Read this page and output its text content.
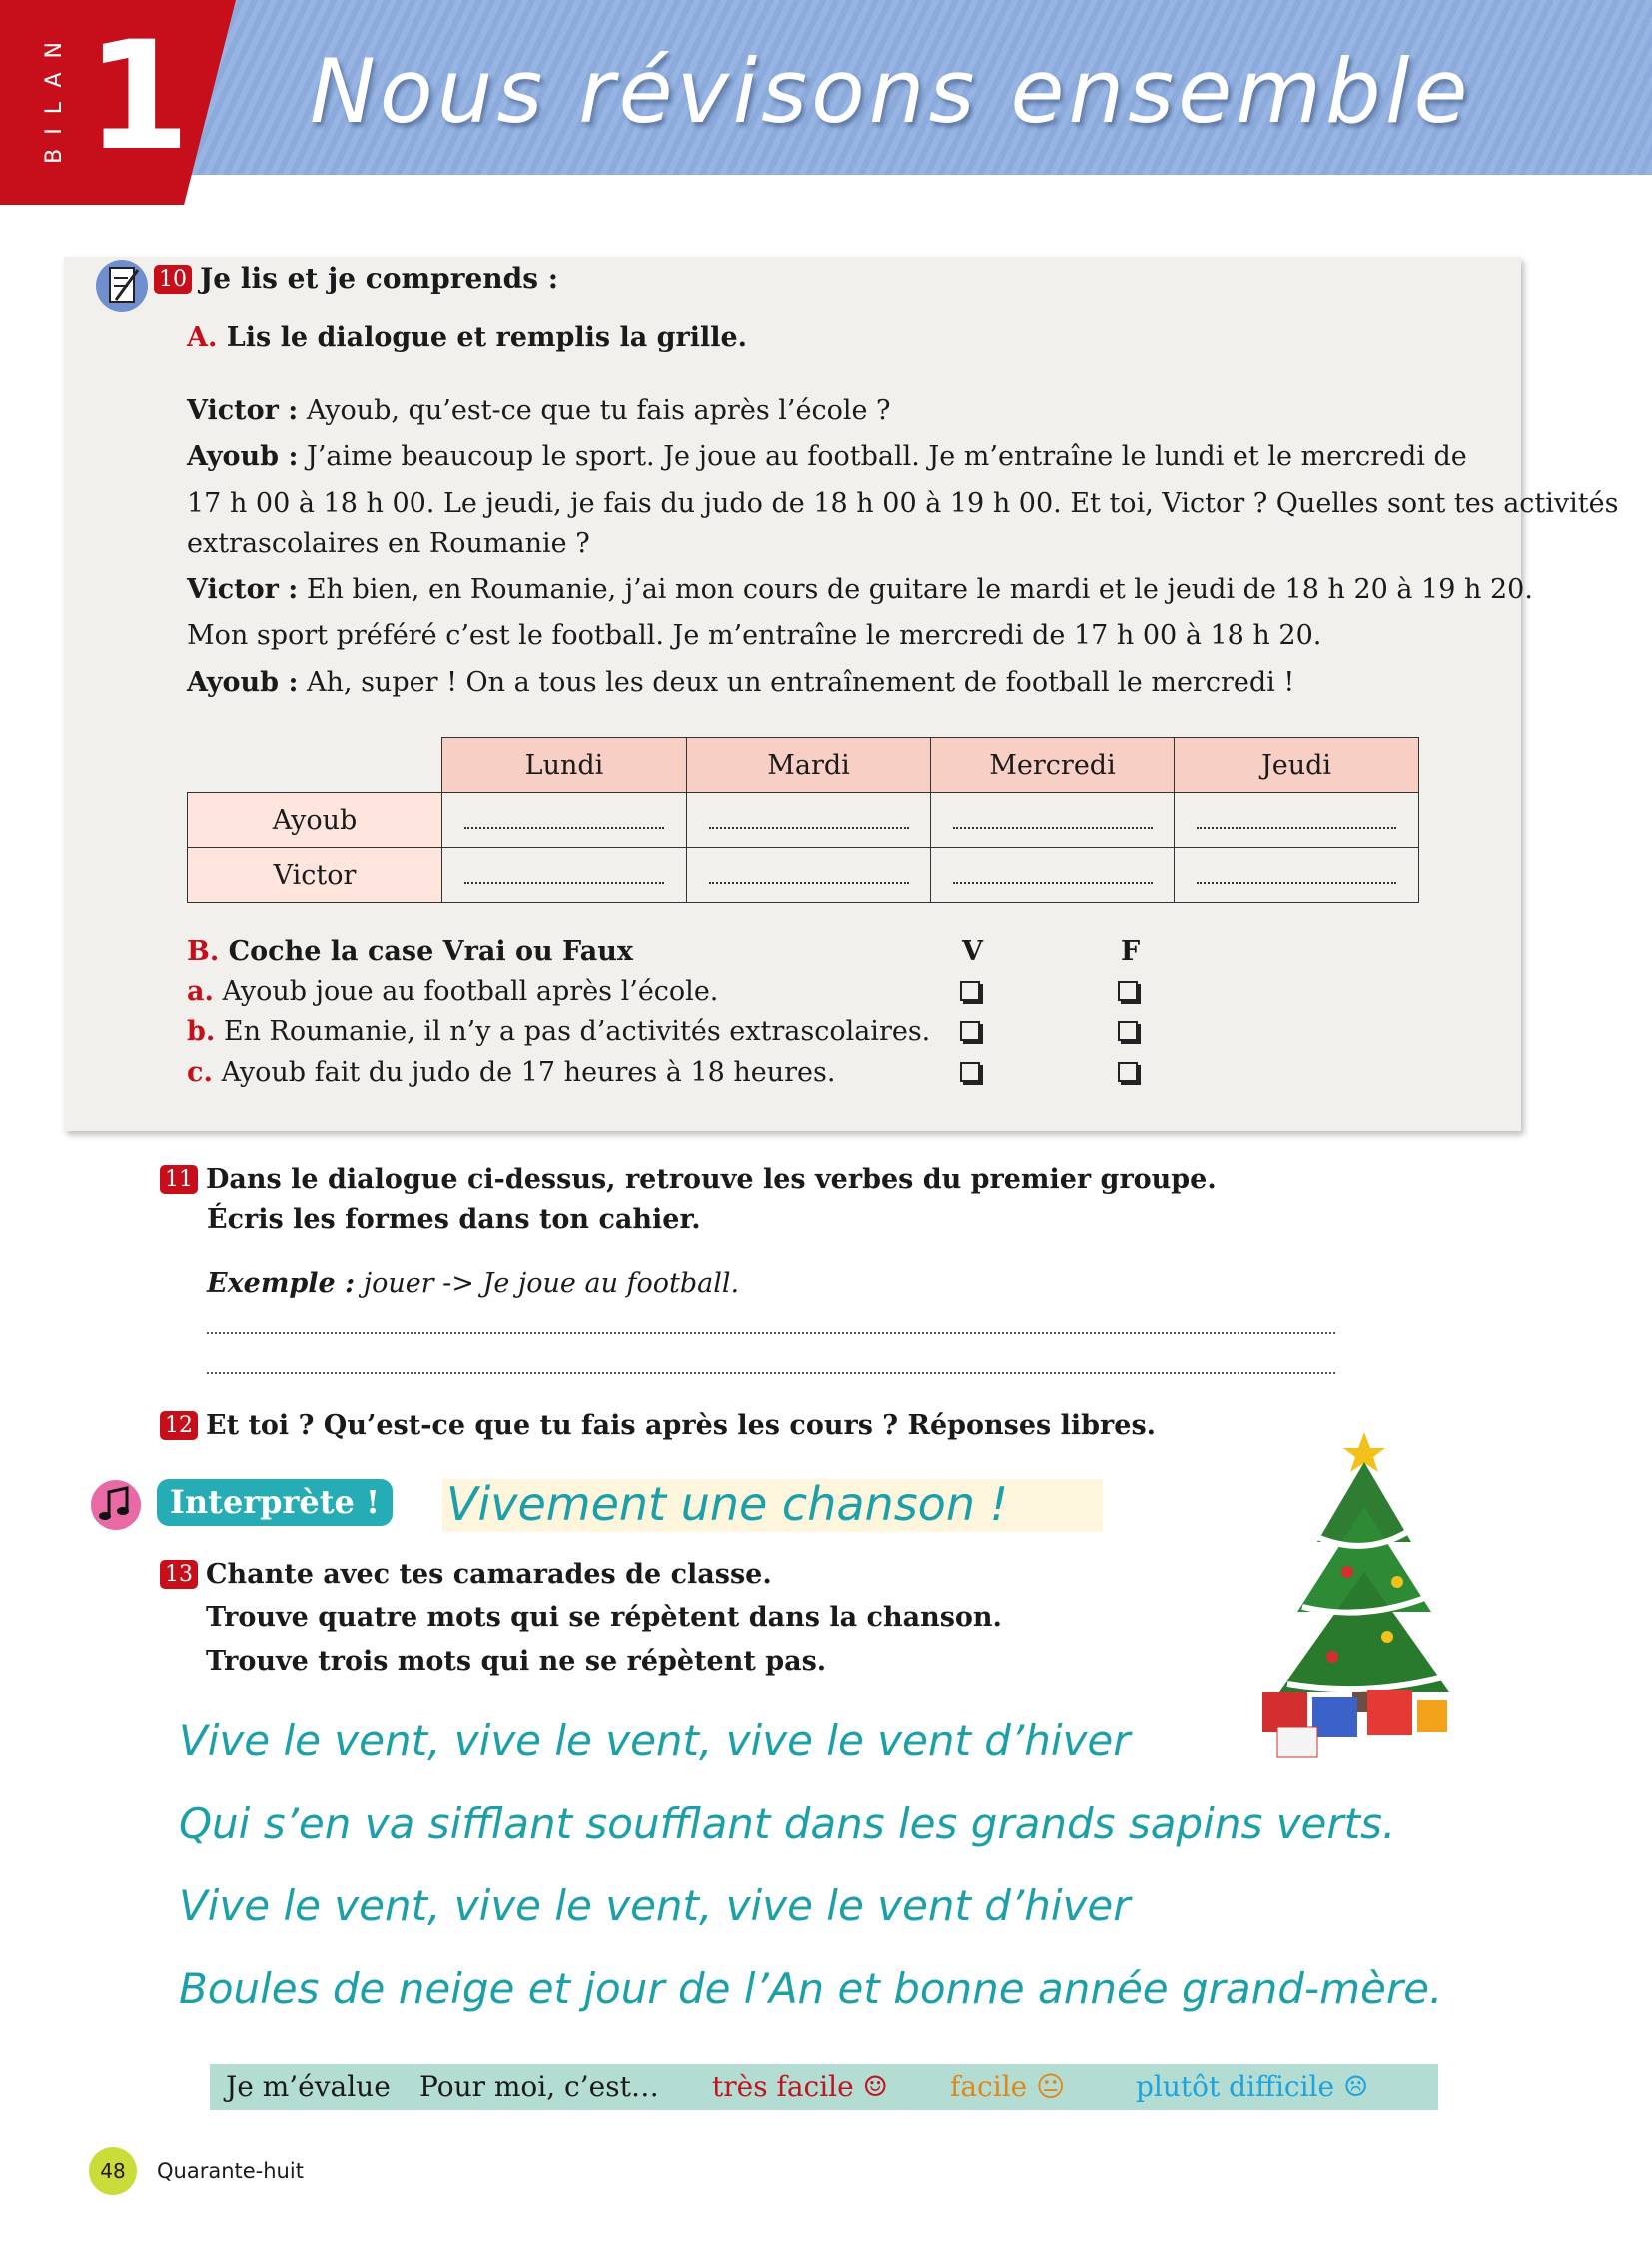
Nous révisons ensemble
BILAN 1
10 Je lis et je comprends :
A. Lis le dialogue et remplis la grille.
Victor : Ayoub, qu’est-ce que tu fais après l’école ?
Ayoub : J’aime beaucoup le sport. Je joue au football. Je m’entraîne le lundi et le mercredi de
17 h 00 à 18 h 00. Le jeudi, je fais du judo de 18 h 00 à 19 h 00. Et toi, Victor ? Quelles sont tes activités
extrascolaires en Roumanie ?
Victor : Eh bien, en Roumanie, j’ai mon cours de guitare le mardi et le jeudi de 18 h 20 à 19 h 20.
Mon sport préféré c’est le football. Je m’entraîne le mercredi de 17 h 00 à 18 h 20.
Ayoub : Ah, super ! On a tous les deux un entraînement de football le mercredi !
	Lundi	Mardi	Mercredi	Jeudi
Ayoub				
Victor				
B. Coche la case Vrai ou Faux	V	F
a. Ayoub joue au football après l’école.
b. En Roumanie, il n’y a pas d’activités extrascolaires.
c. Ayoub fait du judo de 17 heures à 18 heures.
11 Dans le dialogue ci-dessus, retrouve les verbes du premier groupe.
Écris les formes dans ton cahier.
Exemple : jouer -> Je joue au football.
12 Et toi ? Qu’est-ce que tu fais après les cours ? Réponses libres.
Interprète ! Vivement une chanson !
13 Chante avec tes camarades de classe.
Trouve quatre mots qui se répètent dans la chanson.
Trouve trois mots qui ne se répètent pas.
Vive le vent, vive le vent, vive le vent d’hiver
Qui s’en va sifflant soufflant dans les grands sapins verts.
Vive le vent, vive le vent, vive le vent d’hiver
Boules de neige et jour de l’An et bonne année grand-mère.
Je m’évalue Pour moi, c’est… très facile ☺ facile 😐︎	plutôt difficile ☹
48	Quarante-huit
